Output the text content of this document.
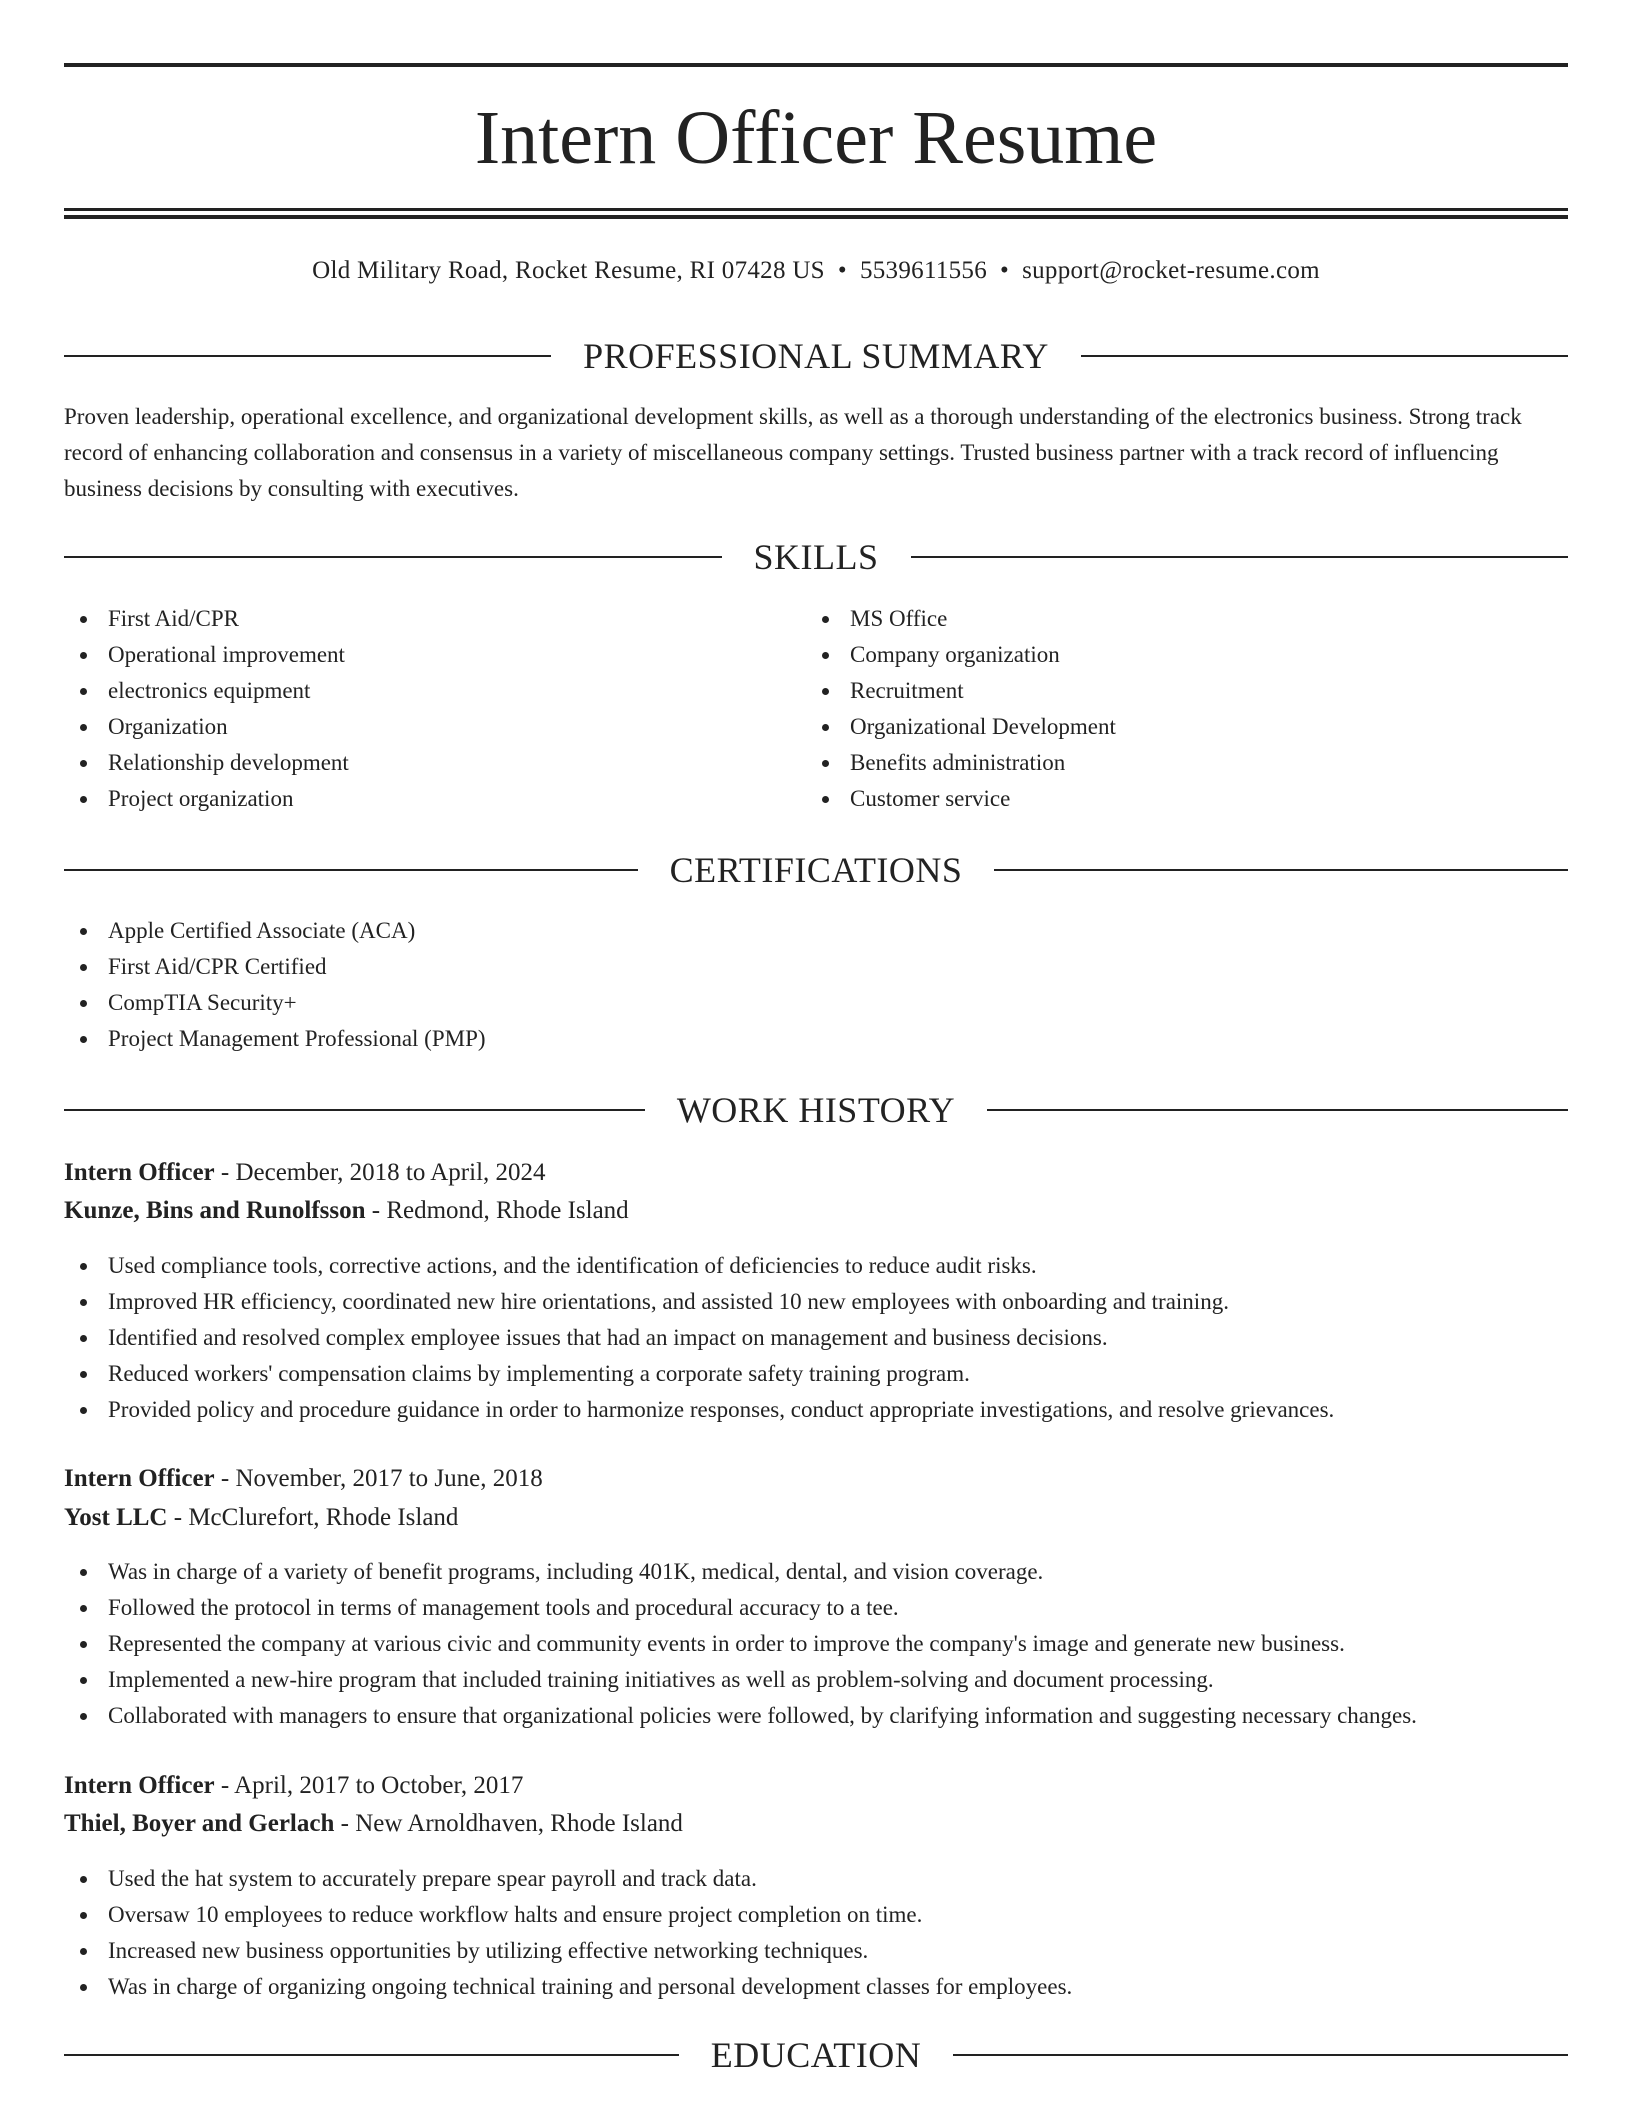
Intern Officer Resume
Old Military Road, Rocket Resume, RI 07428 US • 5539611556 • support@rocket-resume.com
PROFESSIONAL SUMMARY

Proven leadership, operational excellence, and organizational development skills, as well as a thorough understanding of the electronics business. Strong track record of enhancing collaboration and consensus in a variety of miscellaneous company settings. Trusted business partner with a track record of influencing business decisions by consulting with executives.

SKILLS
First Aid/CPR
Operational improvement
electronics equipment
Organization
Relationship development
Project organization
MS Office
Company organization
Recruitment
Organizational Development
Benefits administration
Customer service
CERTIFICATIONS
Apple Certified Associate (ACA)
First Aid/CPR Certified
CompTIA Security+
Project Management Professional (PMP)
WORK HISTORY
Intern Officer - December, 2018 to April, 2024
Kunze, Bins and Runolfsson - Redmond, Rhode Island
Used compliance tools, corrective actions, and the identification of deficiencies to reduce audit risks.
Improved HR efficiency, coordinated new hire orientations, and assisted 10 new employees with onboarding and training.
Identified and resolved complex employee issues that had an impact on management and business decisions.
Reduced workers' compensation claims by implementing a corporate safety training program.
Provided policy and procedure guidance in order to harmonize responses, conduct appropriate investigations, and resolve grievances.
Intern Officer - November, 2017 to June, 2018
Yost LLC - McClurefort, Rhode Island
Was in charge of a variety of benefit programs, including 401K, medical, dental, and vision coverage.
Followed the protocol in terms of management tools and procedural accuracy to a tee.
Represented the company at various civic and community events in order to improve the company's image and generate new business.
Implemented a new-hire program that included training initiatives as well as problem-solving and document processing.
Collaborated with managers to ensure that organizational policies were followed, by clarifying information and suggesting necessary changes.
Intern Officer - April, 2017 to October, 2017
Thiel, Boyer and Gerlach - New Arnoldhaven, Rhode Island
Used the hat system to accurately prepare spear payroll and track data.
Oversaw 10 employees to reduce workflow halts and ensure project completion on time.
Increased new business opportunities by utilizing effective networking techniques.
Was in charge of organizing ongoing technical training and personal development classes for employees.
EDUCATION
